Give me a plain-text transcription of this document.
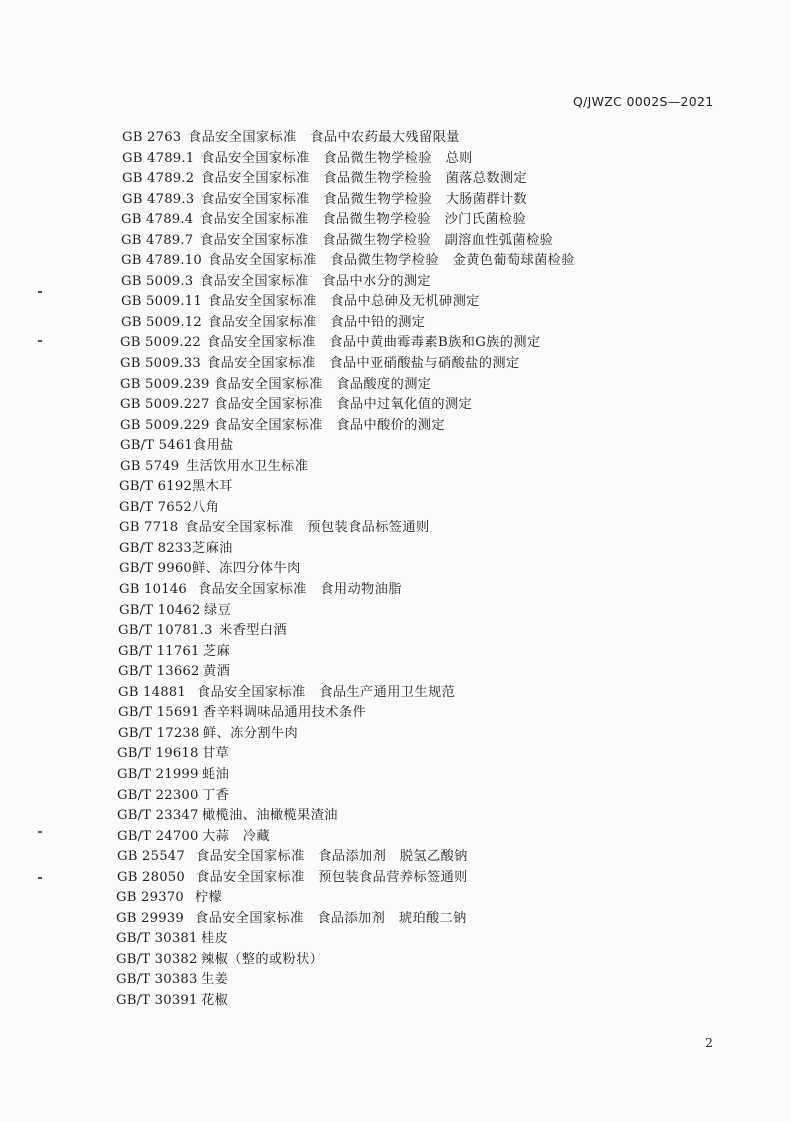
Q/JWZC 0002S—2021
GB 2763 食品安全国家标准　食品中农药最大残留限量
GB 4789.1 食品安全国家标准　食品微生物学检验　总则
GB 4789.2 食品安全国家标准　食品微生物学检验　菌落总数测定
GB 4789.3 食品安全国家标准　食品微生物学检验　大肠菌群计数
GB 4789.4 食品安全国家标准　食品微生物学检验　沙门氏菌检验
GB 4789.7 食品安全国家标准　食品微生物学检验　副溶血性弧菌检验
GB 4789.10 食品安全国家标准　食品微生物学检验　金黄色葡萄球菌检验
GB 5009.3 食品安全国家标准　食品中水分的测定
GB 5009.11 食品安全国家标准　食品中总砷及无机砷测定
GB 5009.12 食品安全国家标准　食品中铅的测定
GB 5009.22 食品安全国家标准　食品中黄曲霉毒素B族和G族的测定
GB 5009.33 食品安全国家标准　食品中亚硝酸盐与硝酸盐的测定
GB 5009.239 食品安全国家标准　食品酸度的测定
GB 5009.227 食品安全国家标准　食品中过氧化值的测定
GB 5009.229 食品安全国家标准　食品中酸价的测定
GB/T 5461 食用盐
GB 5749 生活饮用水卫生标准
GB/T 6192 黑木耳
GB/T 7652 八角
GB 7718 食品安全国家标准　预包装食品标签通则
GB/T 8233 芝麻油
GB/T 9960 鲜、冻四分体牛肉
GB 10146 食品安全国家标准　食用动物油脂
GB/T 10462 绿豆
GB/T 10781.3 米香型白酒
GB/T 11761 芝麻
GB/T 13662 黄酒
GB 14881 食品安全国家标准　食品生产通用卫生规范
GB/T 15691 香辛料调味品通用技术条件
GB/T 17238 鲜、冻分割牛肉
GB/T 19618 甘草
GB/T 21999 蚝油
GB/T 22300 丁香
GB/T 23347 橄榄油、油橄榄果渣油
GB/T 24700 大蒜　冷藏
GB 25547 食品安全国家标准　食品添加剂　脱氢乙酸钠
GB 28050 食品安全国家标准　预包装食品营养标签通则
GB 29370 柠檬
GB 29939 食品安全国家标准　食品添加剂　琥珀酸二钠
GB/T 30381 桂皮
GB/T 30382 辣椒（整的或粉状）
GB/T 30383 生姜
GB/T 30391 花椒
2
